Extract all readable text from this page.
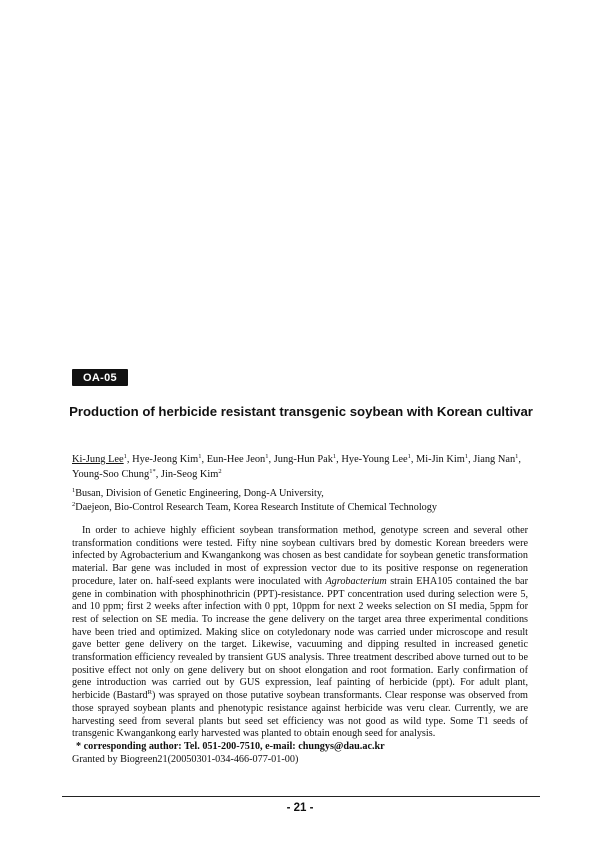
OA-05
Production of herbicide resistant transgenic soybean with Korean cultivar
Ki-Jung Lee$^1$, Hye-Jeong Kim$^1$, Eun-Hee Jeon$^1$, Jung-Hun Pak$^1$, Hye-Young Lee$^1$, Mi-Jin Kim$^1$, Jiang Nan$^1$,
Young-Soo Chung$^{1*}$, Jin-Seog Kim$^2$
$^1$Busan, Division of Genetic Engineering, Dong-A University,
$^2$Daejeon, Bio-Control Research Team, Korea Research Institute of Chemical Technology

In order to achieve highly efficient soybean transformation method, genotype screen and several other transformation conditions were tested. Fifty nine soybean cultivars bred by domestic Korean breeders were infected by Agrobacterium and Kwangankong was chosen as best candidate for soybean genetic transformation material. Bar gene was included in most of expression vector due to its positive response on regeneration procedure, later on. half-seed explants were inoculated with Agrobacterium strain EHA105 contained the bar gene in combination with phosphinothricin (PPT)-resistance. PPT concentration used during selection were 5, and 10 ppm; first 2 weeks after infection with 0 ppt, 10ppm for next 2 weeks selection on SI media, 5ppm for rest of selection on SE media. To increase the gene delivery on the target area three experimental conditions have been tried and optimized. Making slice on cotyledonary node was carried under microscope and result gave better gene delivery on the target. Likewise, vacuuming and dipping resulted in increased genetic transformation efficiency revealed by transient GUS analysis. Three treatment described above turned out to be positive effect not only on gene delivery but on shoot elongation and root formation. Early confirmation of gene introduction was carried out by GUS expression, leaf painting of herbicide (ppt). For adult plant, herbicide (Bastard$^R$) was sprayed on those putative soybean transformants. Clear response was observed from those sprayed soybean plants and phenotypic resistance against herbicide was veru clear. Currently, we are harvesting seed from several plants but seed set efficiency was not good as wild type. Some T1 seeds of transgenic Kwangankong early harvested was planted to obtain enough seed for analysis.

* corresponding author: Tel. 051-200-7510, e-mail: chungys@dau.ac.kr
Granted by Biogreen21(20050301-034-466-077-01-00)
- 21 -
